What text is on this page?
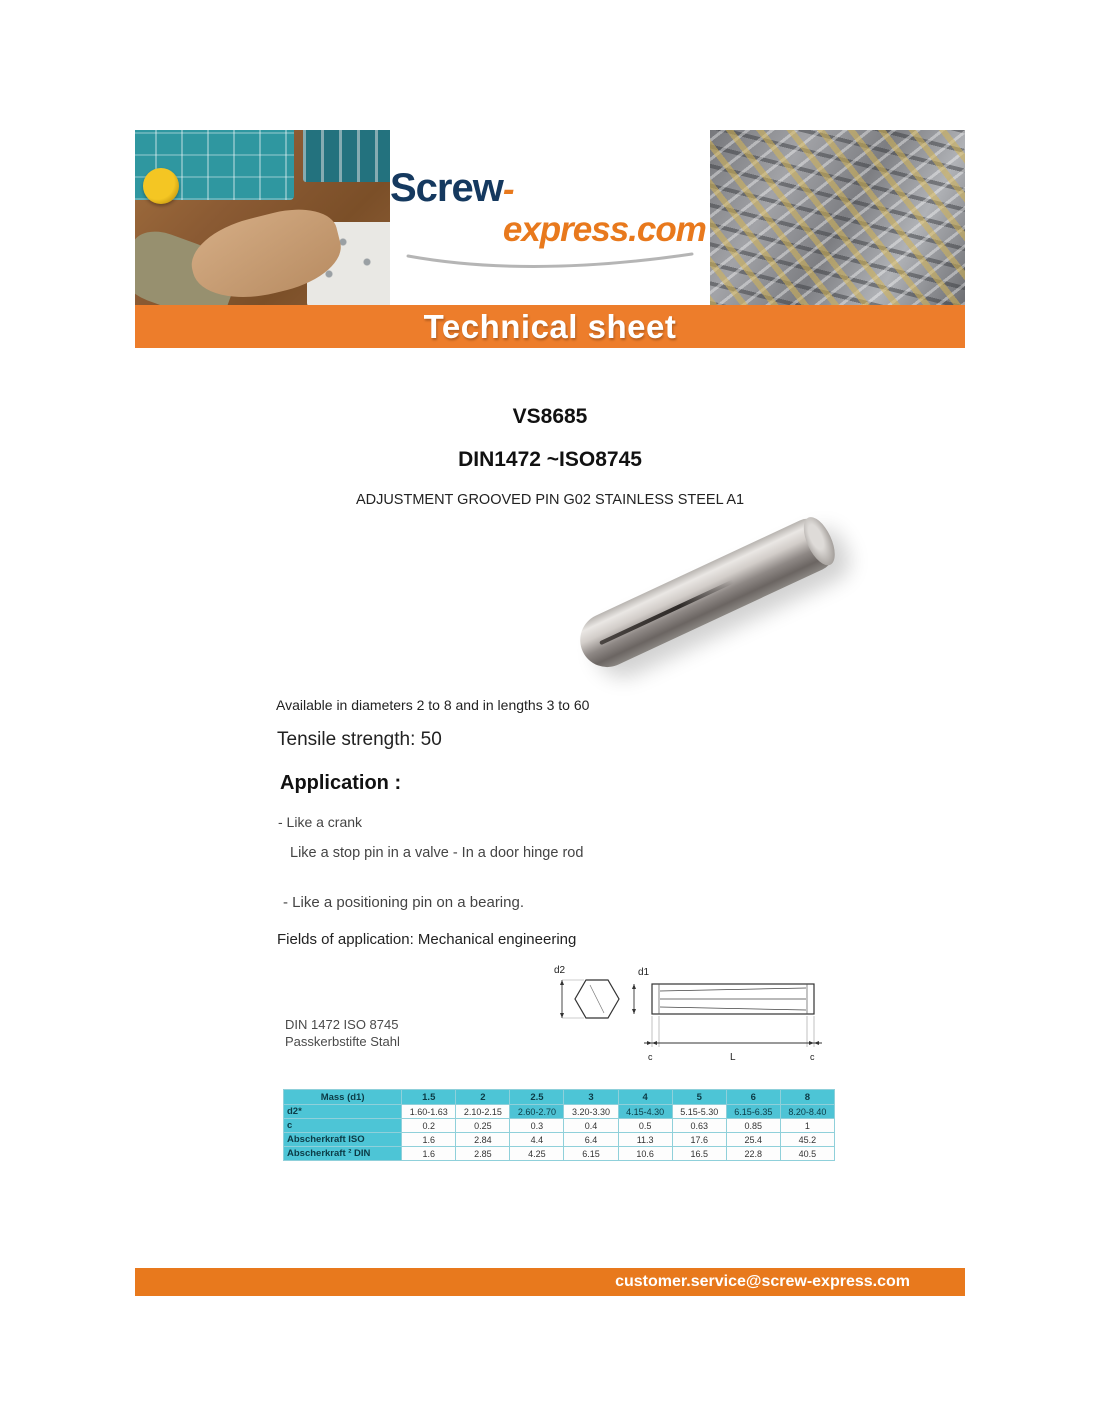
Screw -express.com
Technical sheet
VS8685
DIN1472 ~ISO8745
ADJUSTMENT GROOVED PIN G02 STAINLESS STEEL A1
Available in diameters 2 to 8 and in lengths 3 to 60
Tensile strength: 50
Application :
- Like a crank
Like a stop pin in a valve - In a door hinge rod
- Like a positioning pin on a bearing.
Fields of application: Mechanical engineering
DIN 1472 ISO 8745
Passkerbstifte Stahl
d2	d1
c	L	c
Mass (d1)	1.5	2	2.5	3	4	5	6	8
d2*	1.60-1.63	2.10-2.15	2.60-2.70	3.20-3.30	4.15-4.30	5.15-5.30	6.15-6.35	8.20-8.40
c	0.2	0.25	0.3	0.4	0.5	0.63	0.85	1
Abscherkraft ISO	1.6	2.84	4.4	6.4	11.3	17.6	25.4	45.2
Abscherkraft ² DIN	1.6	2.85	4.25	6.15	10.6	16.5	22.8	40.5
customer.service@screw-express.com
